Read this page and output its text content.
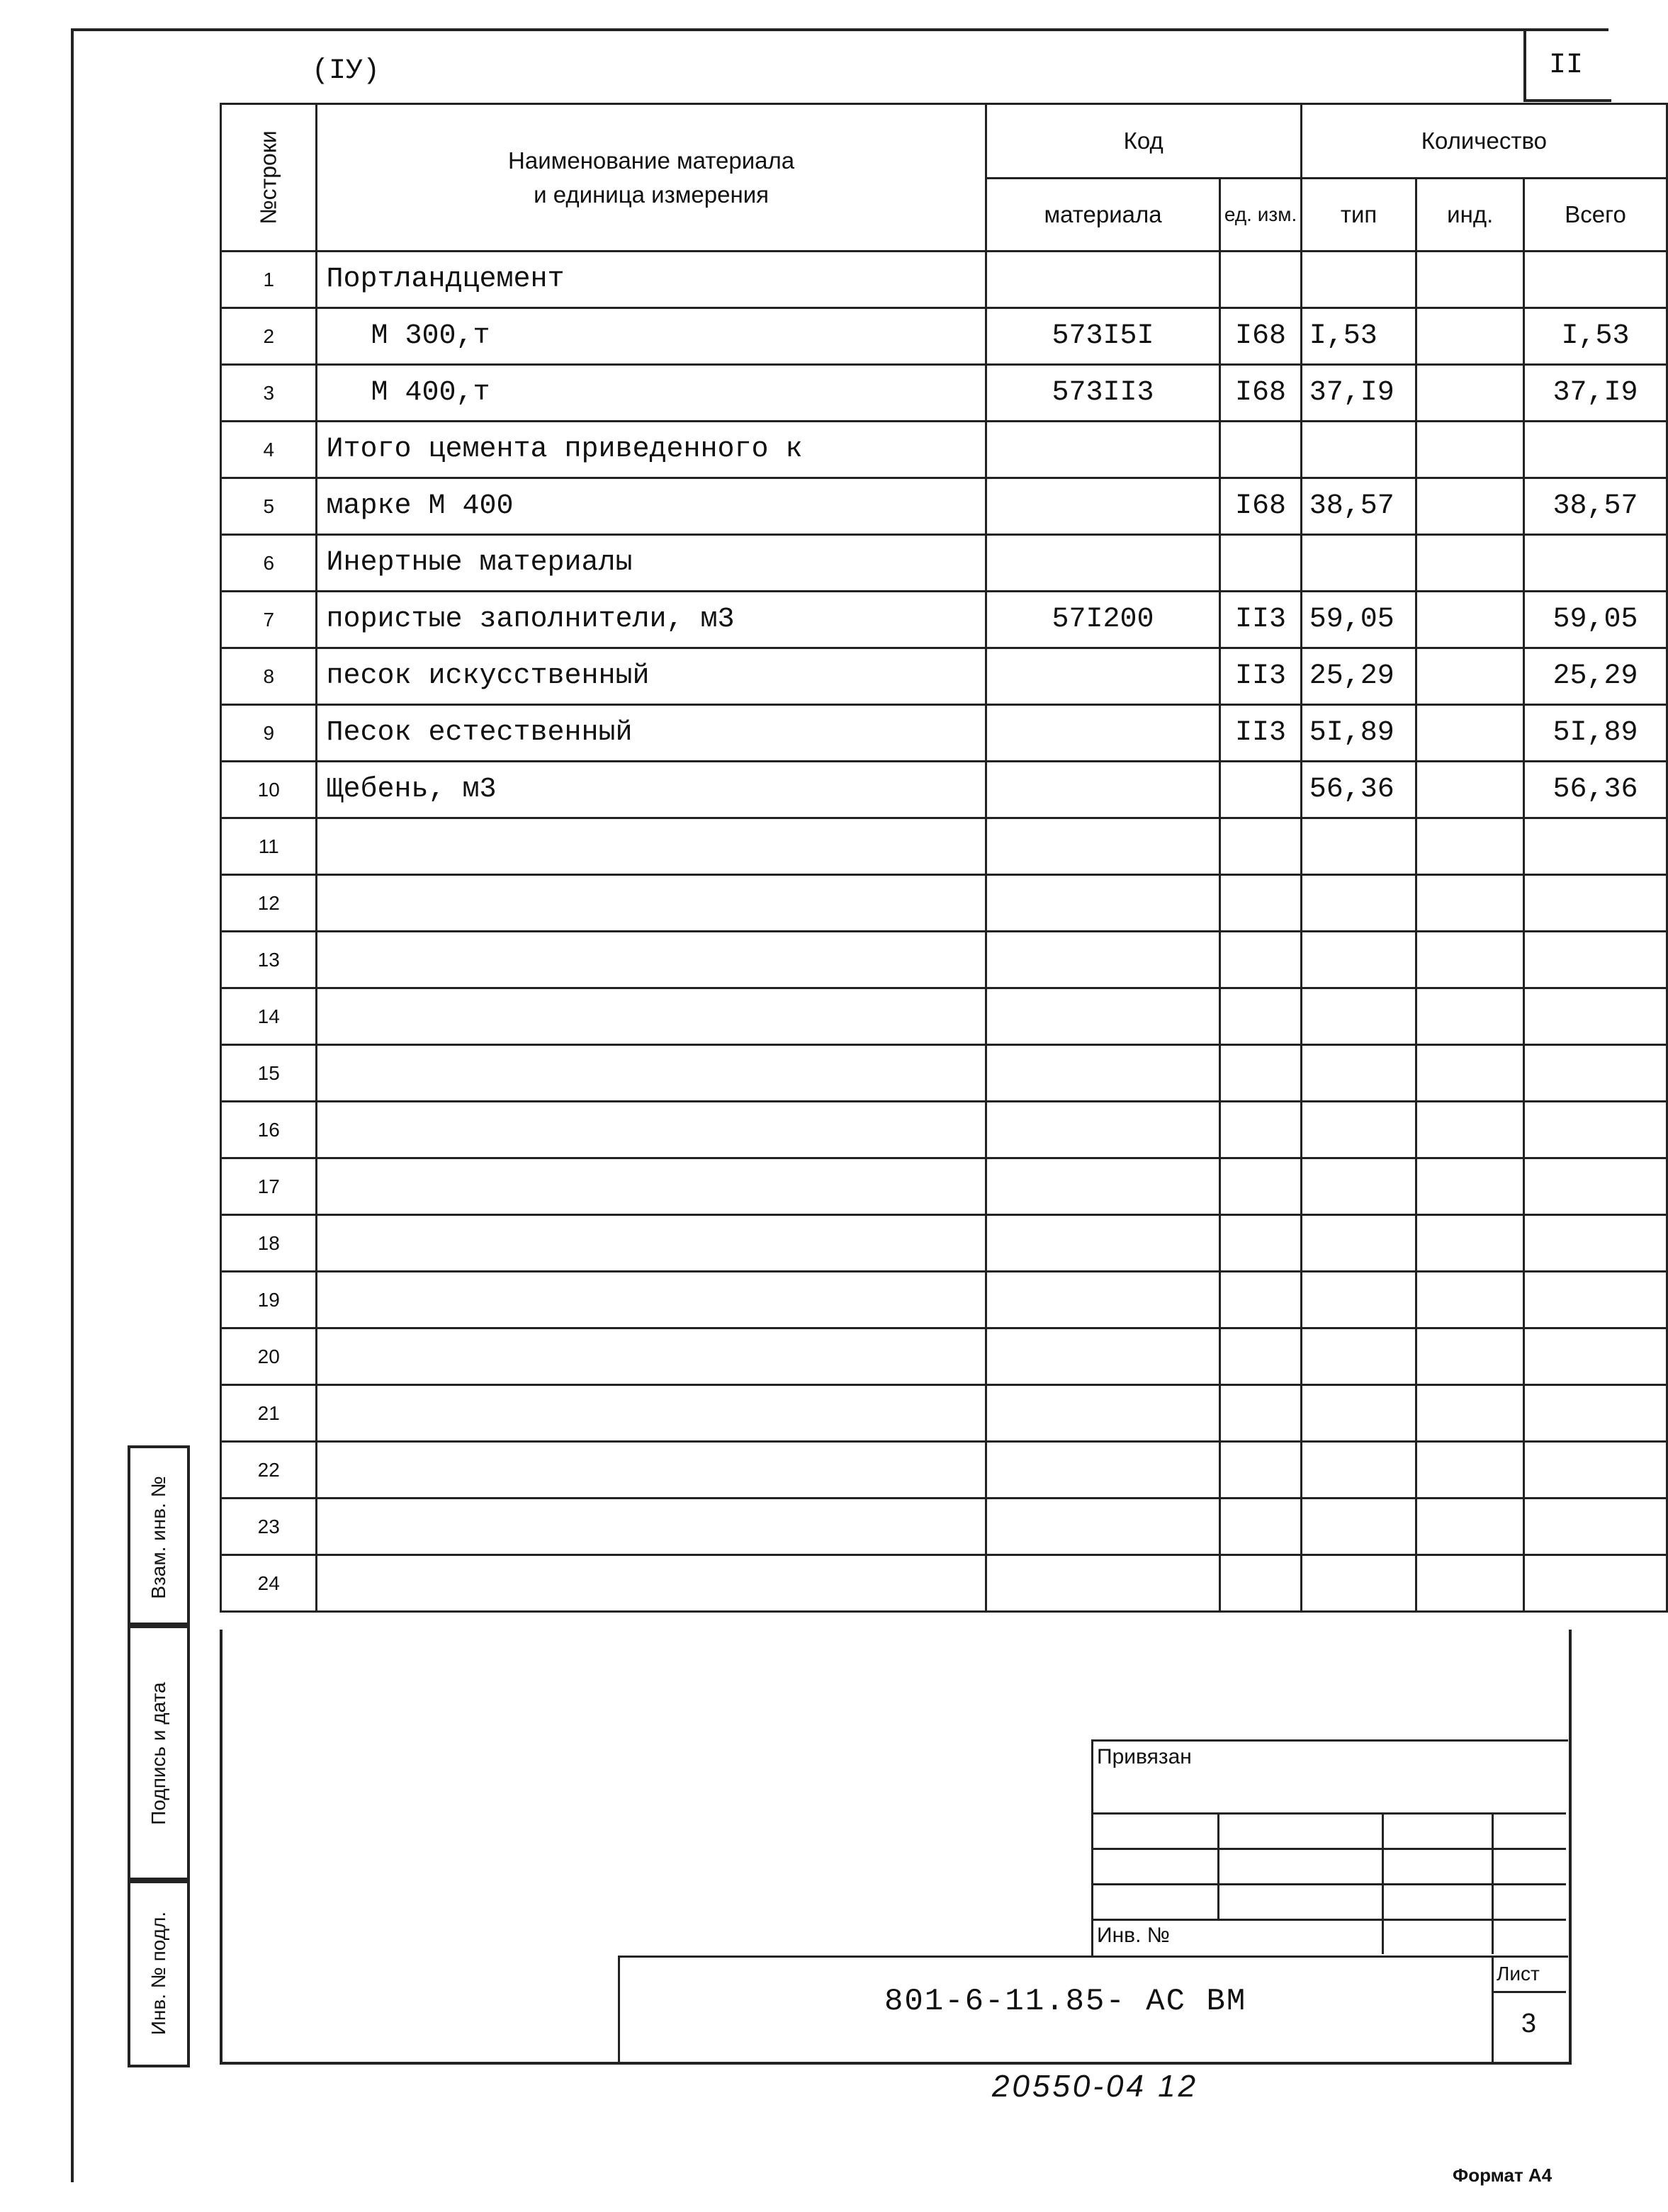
(IУ)	II
№строки	Наименование материала
и единица измерения	Код		Количество		
		материала	ед. изм.	тип	инд.	Всего
1	Портландцемент					
2	М 300,т	573I5I	I68	I,53		I,53
3	М 400,т	573II3	I68	37,I9		37,I9
4	Итого цемента приведенного к					
5	марке М 400		I68	38,57		38,57
6	Инертные материалы					
7	пористые заполнители, м3	57I200	II3	59,05		59,05
8	песок искусственный		II3	25,29		25,29
9	Песок естественный		II3	5I,89		5I,89
10	Щебень, м3			56,36		56,36
11						
12						
13						
14						
15						
16						
17						
18						
19						
20						
21						
22						
23						
24						
Взам. инв. №
Подпись и дата
Инв. № подл.
Привязан
Инв. №
801-6-11.85- АС ВМ
Лист
3
20550-04 12
Формат А4
